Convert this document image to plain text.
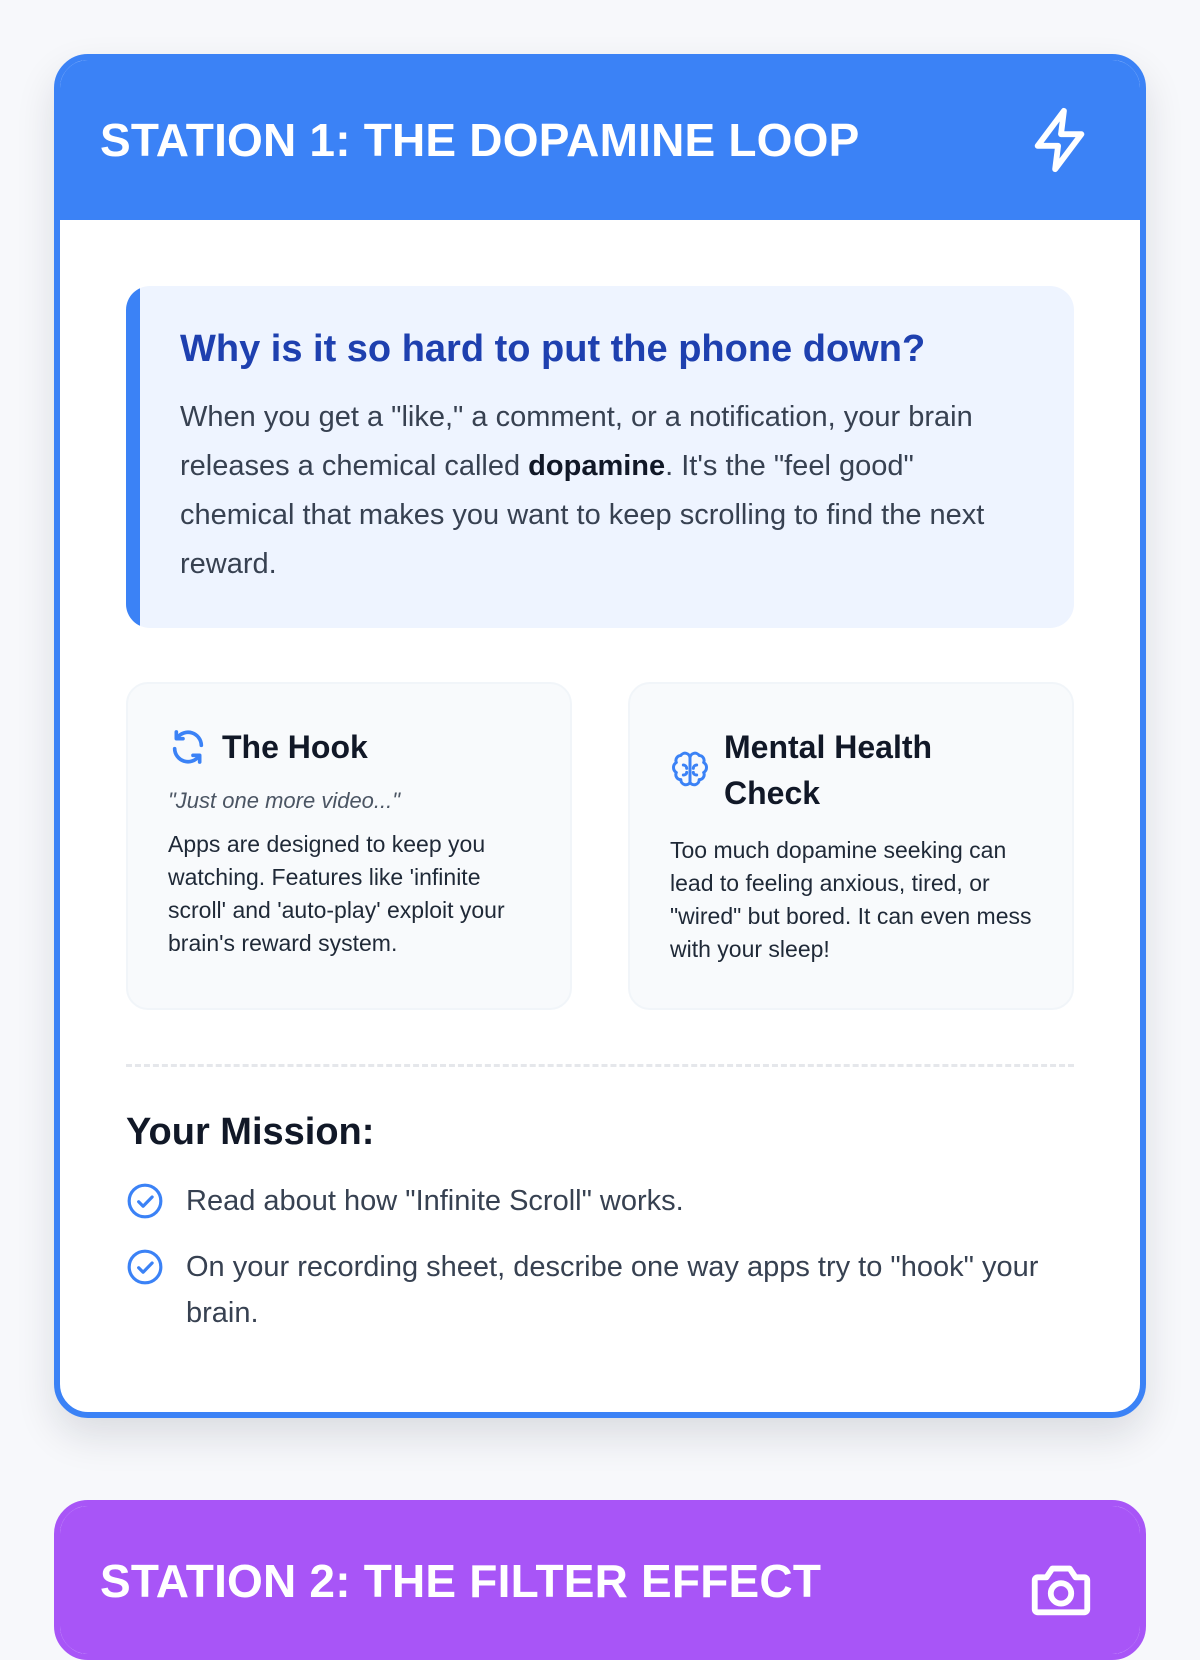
STATION 1: THE DOPAMINE LOOP
Why is it so hard to put the phone down?

When you get a "like," a comment, or a notification, your brain releases a chemical called dopamine. It's the "feel good" chemical that makes you want to keep scrolling to find the next reward.

The Hook

"Just one more video..."

Apps are designed to keep you watching. Features like 'infinite scroll' and 'auto-play' exploit your brain's reward system.

Mental Health Check

Too much dopamine seeking can lead to feeling anxious, tired, or "wired" but bored. It can even mess with your sleep!

Your Mission:
Read about how "Infinite Scroll" works.
On your recording sheet, describe one way apps try to "hook" your brain.
STATION 2: THE FILTER EFFECT
